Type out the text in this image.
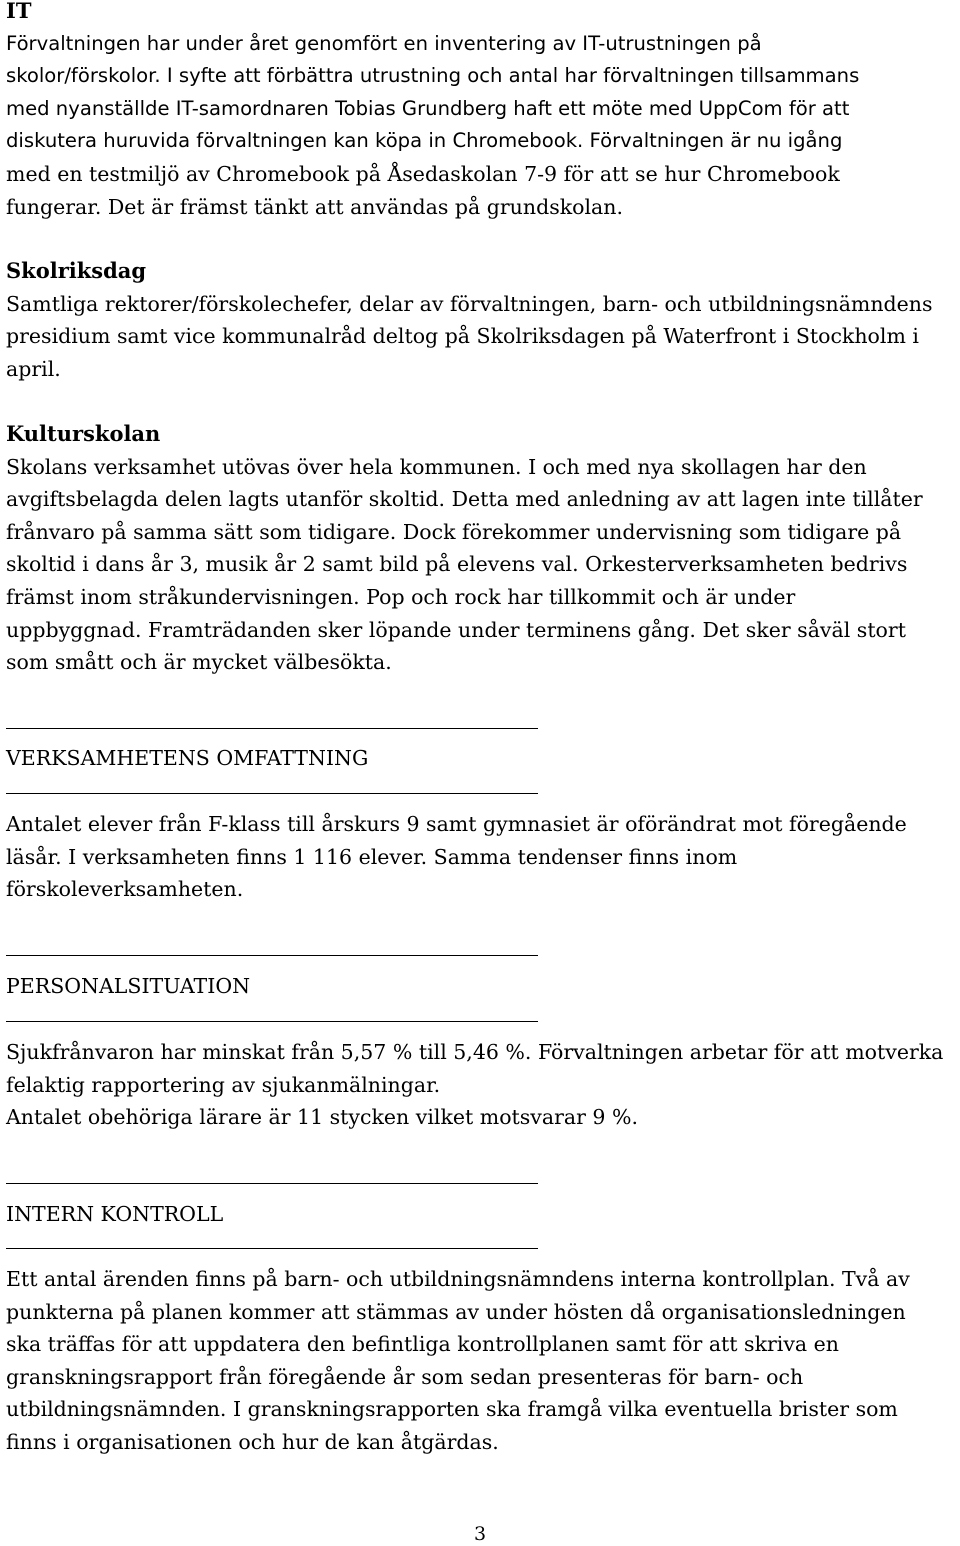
IT

Förvaltningen har under året genomfört en inventering av IT-utrustningen på

skolor/förskolor. I syfte att förbättra utrustning och antal har förvaltningen tillsammans

med nyanställde IT-samordnaren Tobias Grundberg haft ett möte med UppCom för att

diskutera huruvida förvaltningen kan köpa in Chromebook. Förvaltningen är nu igång

med en testmiljö av Chromebook på Åsedaskolan 7-9 för att se hur Chromebook

fungerar. Det är främst tänkt att användas på grundskolan.

Skolriksdag

Samtliga rektorer/förskolechefer, delar av förvaltningen, barn- och utbildningsnämndens

presidium samt vice kommunalråd deltog på Skolriksdagen på Waterfront i Stockholm i

april.

Kulturskolan

Skolans verksamhet utövas över hela kommunen. I och med nya skollagen har den

avgiftsbelagda delen lagts utanför skoltid. Detta med anledning av att lagen inte tillåter

frånvaro på samma sätt som tidigare. Dock förekommer undervisning som tidigare på

skoltid i dans år 3, musik år 2 samt bild på elevens val. Orkesterverksamheten bedrivs

främst inom stråkundervisningen. Pop och rock har tillkommit och är under

uppbyggnad. Framträdanden sker löpande under terminens gång. Det sker såväl stort

som smått och är mycket välbesökta.

VERKSAMHETENS OMFATTNING

Antalet elever från F-klass till årskurs 9 samt gymnasiet är oförändrat mot föregående

läsår. I verksamheten finns 1 116 elever. Samma tendenser finns inom

förskoleverksamheten.

PERSONALSITUATION

Sjukfrånvaron har minskat från 5,57 % till 5,46 %. Förvaltningen arbetar för att motverka

felaktig rapportering av sjukanmälningar.

Antalet obehöriga lärare är 11 stycken vilket motsvarar 9 %.

INTERN KONTROLL

Ett antal ärenden finns på barn- och utbildningsnämndens interna kontrollplan. Två av

punkterna på planen kommer att stämmas av under hösten då organisationsledningen

ska träffas för att uppdatera den befintliga kontrollplanen samt för att skriva en

granskningsrapport från föregående år som sedan presenteras för barn- och

utbildningsnämnden. I granskningsrapporten ska framgå vilka eventuella brister som

finns i organisationen och hur de kan åtgärdas.

3
